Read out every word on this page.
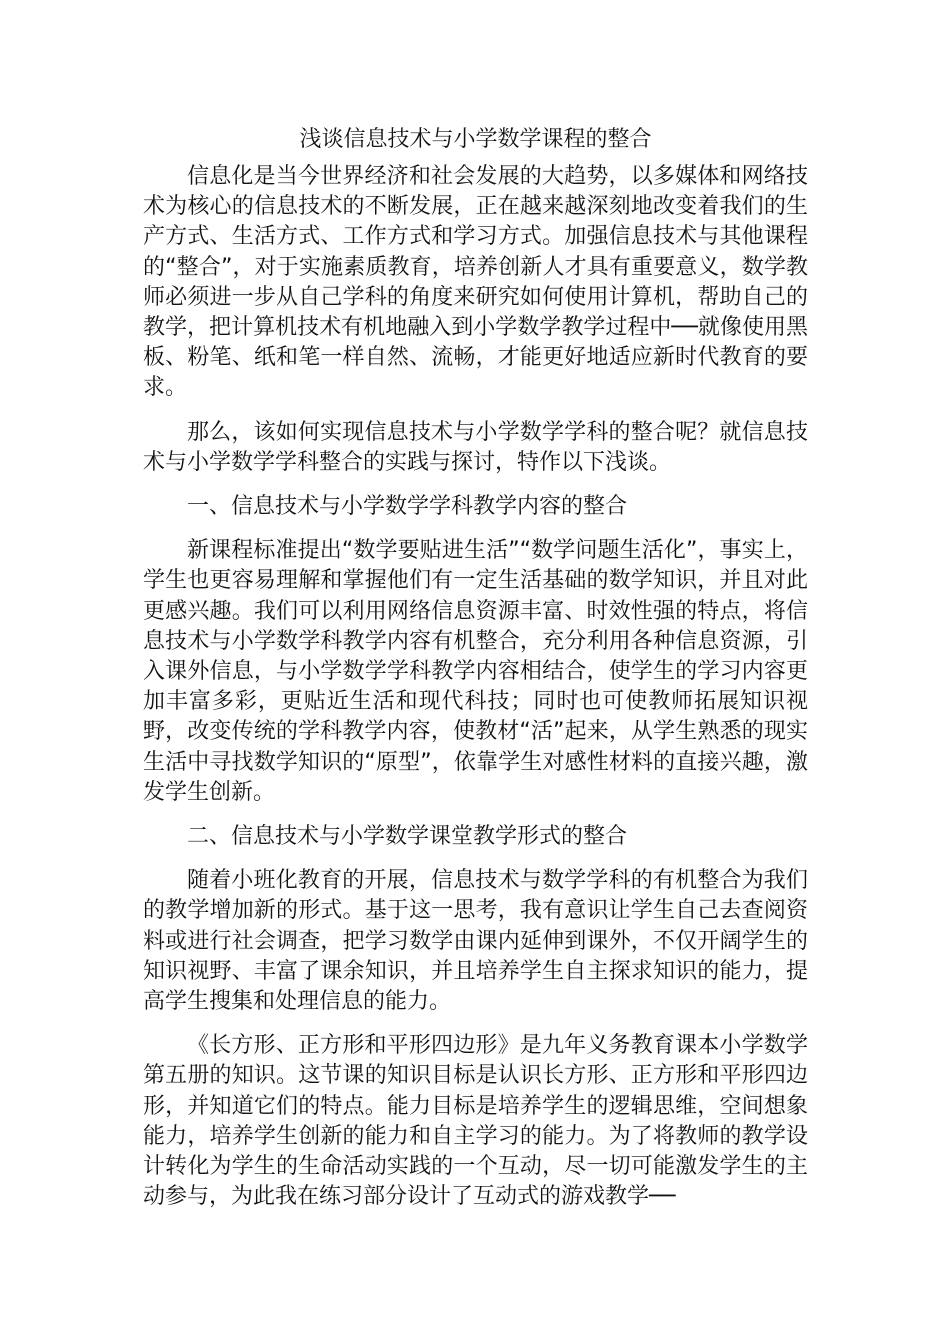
浅谈信息技术与小学数学课程的整合

信息化是当今世界经济和社会发展的大趋势，以多媒体和网络技术为核心的信息技术的不断发展，正在越来越深刻地改变着我们的生产方式、生活方式、工作方式和学习方式。加强信息技术与其他课程的“整合”，对于实施素质教育，培养创新人才具有重要意义，数学教师必须进一步从自己学科的角度来研究如何使用计算机，帮助自己的教学，把计算机技术有机地融入到小学数学教学过程中──就像使用黑板、粉笔、纸和笔一样自然、流畅，才能更好地适应新时代教育的要求。

那么，该如何实现信息技术与小学数学学科的整合呢？就信息技术与小学数学学科整合的实践与探讨，特作以下浅谈。

一、信息技术与小学数学学科教学内容的整合

新课程标准提出“数学要贴进生活”“数学问题生活化”，事实上，学生也更容易理解和掌握他们有一定生活基础的数学知识，并且对此更感兴趣。我们可以利用网络信息资源丰富、时效性强的特点，将信息技术与小学数学科教学内容有机整合，充分利用各种信息资源，引入课外信息，与小学数学学科教学内容相结合，使学生的学习内容更加丰富多彩，更贴近生活和现代科技；同时也可使教师拓展知识视野，改变传统的学科教学内容，使教材“活”起来，从学生熟悉的现实生活中寻找数学知识的“原型”，依靠学生对感性材料的直接兴趣，激发学生创新。

二、信息技术与小学数学课堂教学形式的整合

随着小班化教育的开展，信息技术与数学学科的有机整合为我们的教学增加新的形式。基于这一思考，我有意识让学生自己去查阅资料或进行社会调查，把学习数学由课内延伸到课外，不仅开阔学生的知识视野、丰富了课余知识，并且培养学生自主探求知识的能力，提高学生搜集和处理信息的能力。

《长方形、正方形和平形四边形》是九年义务教育课本小学数学第五册的知识。这节课的知识目标是认识长方形、正方形和平形四边形，并知道它们的特点。能力目标是培养学生的逻辑思维，空间想象能力，培养学生创新的能力和自主学习的能力。为了将教师的教学设计转化为学生的生命活动实践的一个互动，尽一切可能激发学生的主动参与，为此我在练习部分设计了互动式的游戏教学──
